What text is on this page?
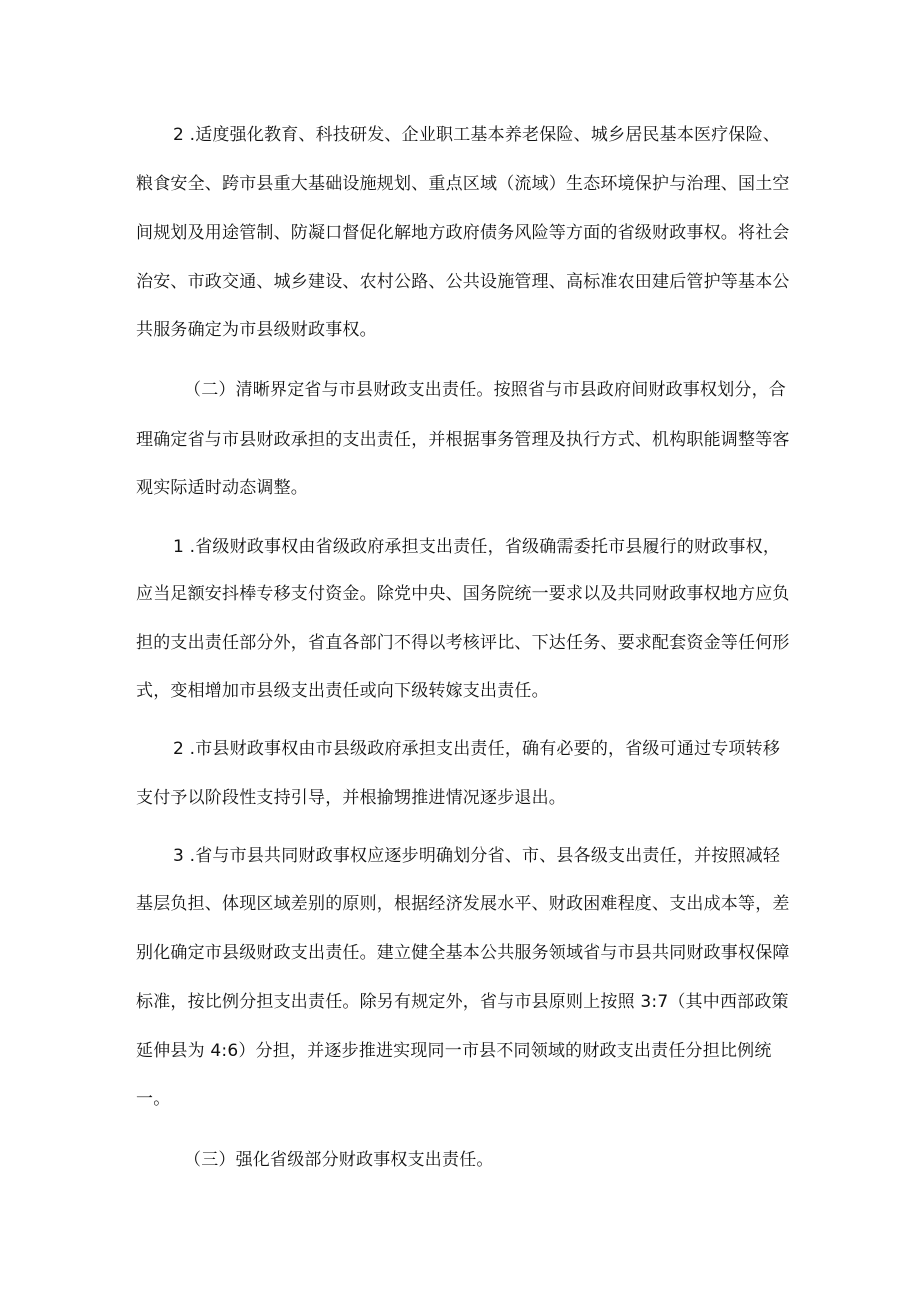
2 .适度强化教育、科技研发、企业职工基本养老保险、城乡居民基本医疗保险、
粮食安全、跨市县重大基础设施规划、重点区域（流域）生态环境保护与治理、国土空
间规划及用途管制、防凝口督促化解地方政府债务风险等方面的省级财政事权。将社会
治安、市政交通、城乡建设、农村公路、公共设施管理、高标准农田建后管护等基本公
共服务确定为市县级财政事权。
（二）清晰界定省与市县财政支出责任。按照省与市县政府间财政事权划分，合
理确定省与市县财政承担的支出责任，并根据事务管理及执行方式、机构职能调整等客
观实际适时动态调整。
1 .省级财政事权由省级政府承担支出责任，省级确需委托市县履行的财政事权，
应当足额安抖棒专移支付资金。除党中央、国务院统一要求以及共同财政事权地方应负
担的支出责任部分外，省直各部门不得以考核评比、下达任务、要求配套资金等任何形
式，变相增加市县级支出责任或向下级转嫁支出责任。
2 .市县财政事权由市县级政府承担支出责任，确有必要的，省级可通过专项转移
支付予以阶段性支持引导，并根揄甥推进情况逐步退出。
3 .省与市县共同财政事权应逐步明确划分省、市、县各级支出责任，并按照减轻
基层负担、体现区域差别的原则，根据经济发展水平、财政困难程度、支出成本等，差
别化确定市县级财政支出责任。建立健全基本公共服务领域省与市县共同财政事权保障
标准，按比例分担支出责任。除另有规定外，省与市县原则上按照 3:7（其中西部政策
延伸县为 4:6）分担，并逐步推进实现同一市县不同领域的财政支出责任分担比例统
一。
（三）强化省级部分财政事权支出责任。
